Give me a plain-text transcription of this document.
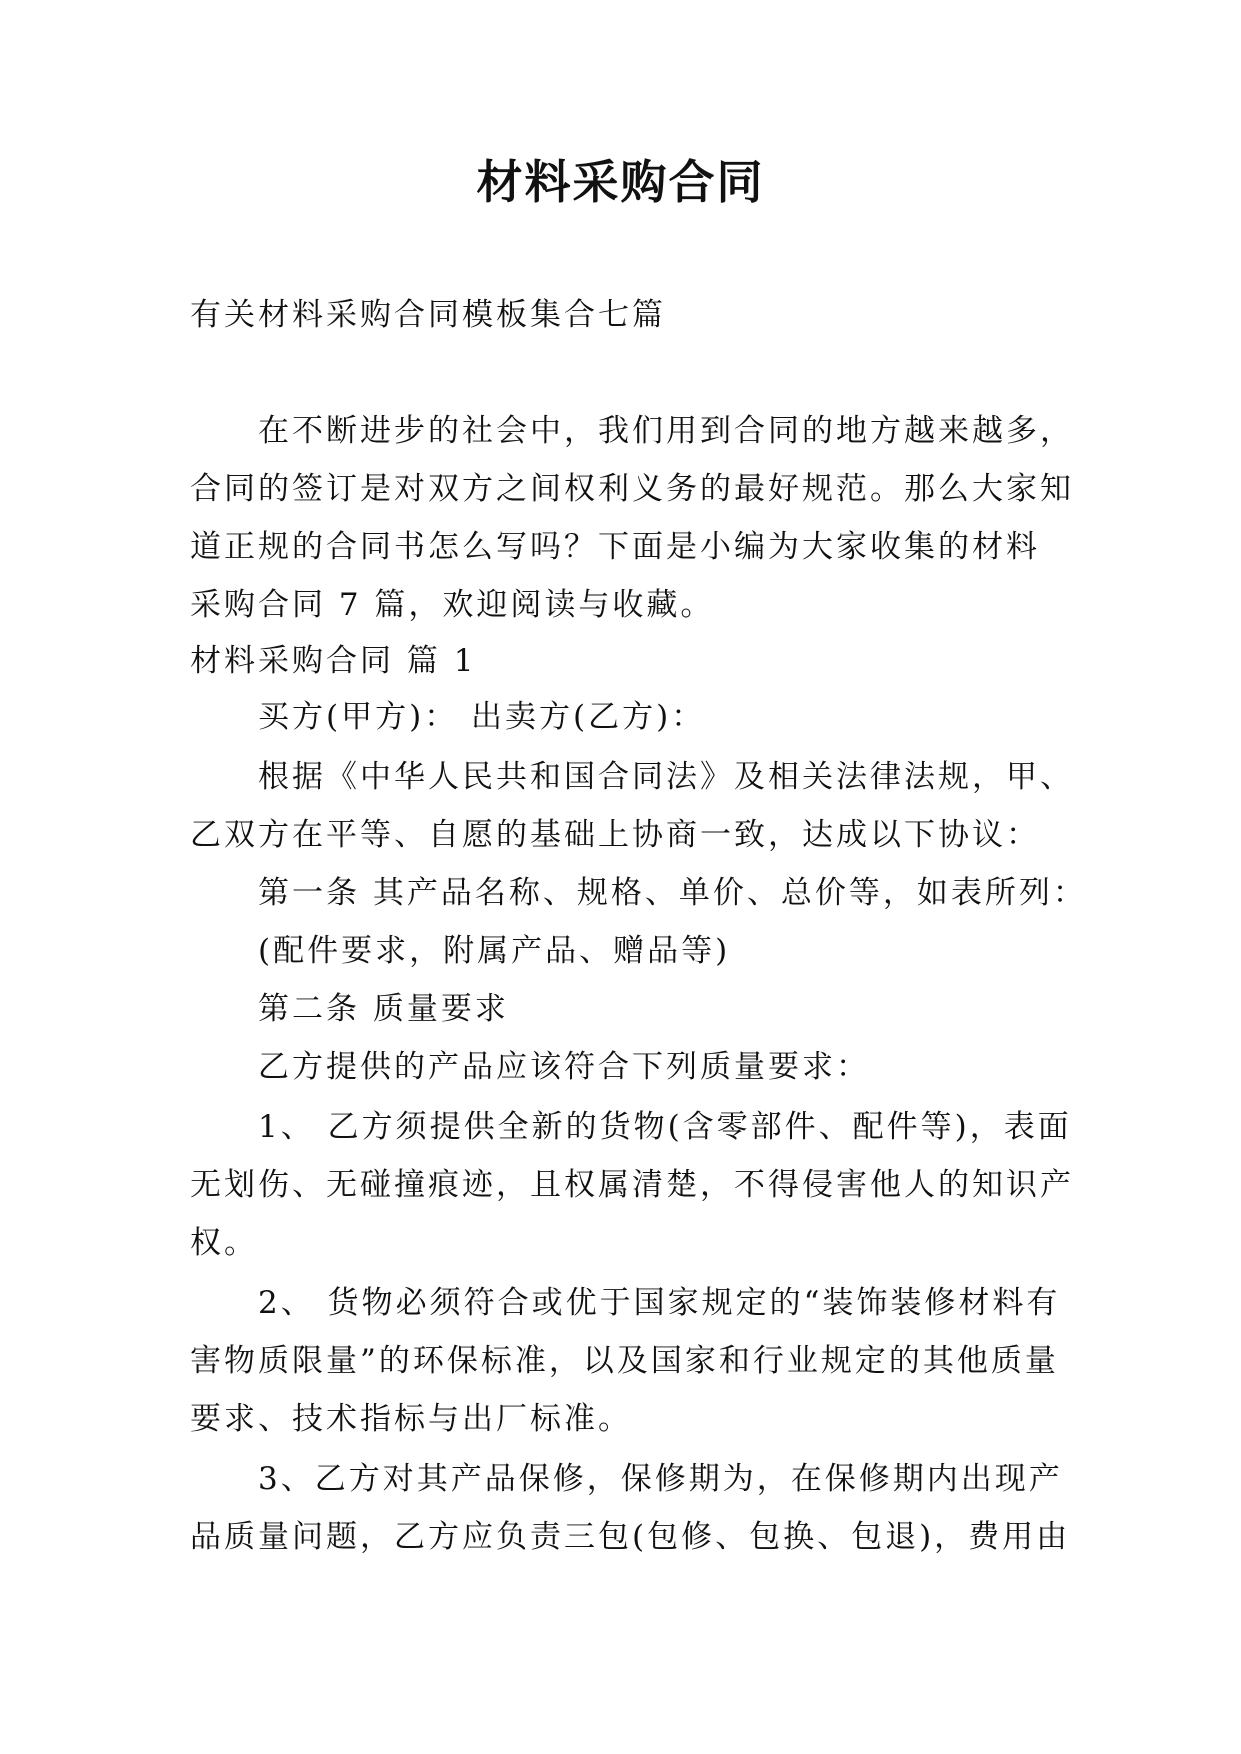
材料采购合同
有关材料采购合同模板集合七篇
在不断进步的社会中，我们用到合同的地方越来越多，
合同的签订是对双方之间权利义务的最好规范。那么大家知
道正规的合同书怎么写吗？下面是小编为大家收集的材料
采购合同 7 篇，欢迎阅读与收藏。
材料采购合同 篇 1
买方(甲方)： 出卖方(乙方)：
根据《中华人民共和国合同法》及相关法律法规，甲、
乙双方在平等、自愿的基础上协商一致，达成以下协议：
第一条 其产品名称、规格、单价、总价等，如表所列：
(配件要求，附属产品、赠品等)
第二条 质量要求
乙方提供的产品应该符合下列质量要求：
1、 乙方须提供全新的货物(含零部件、配件等)，表面
无划伤、无碰撞痕迹，且权属清楚，不得侵害他人的知识产
权。
2、 货物必须符合或优于国家规定的“装饰装修材料有
害物质限量”的环保标准，以及国家和行业规定的其他质量
要求、技术指标与出厂标准。
3、乙方对其产品保修，保修期为，在保修期内出现产
品质量问题，乙方应负责三包(包修、包换、包退)，费用由
